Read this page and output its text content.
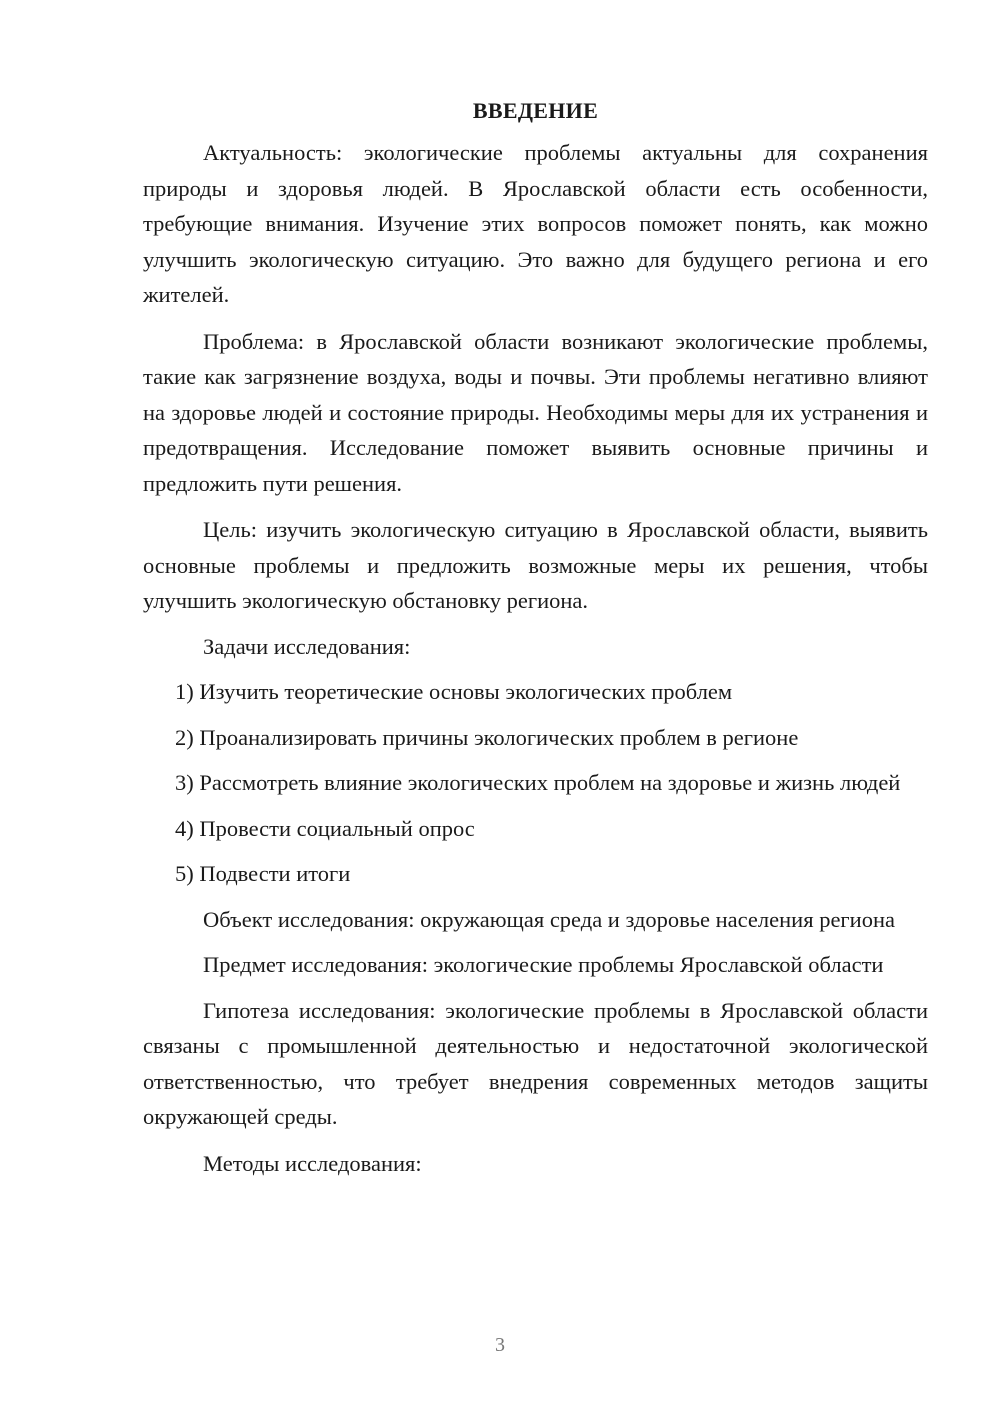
ВВЕДЕНИЕ

Актуальность: экологические проблемы актуальны для сохранения природы и здоровья людей. В Ярославской области есть особенности, требующие внимания. Изучение этих вопросов поможет понять, как можно улучшить экологическую ситуацию. Это важно для будущего региона и его жителей.

Проблема: в Ярославской области возникают экологические проблемы, такие как загрязнение воздуха, воды и почвы. Эти проблемы негативно влияют на здоровье людей и состояние природы. Необходимы меры для их устранения и предотвращения. Исследование поможет выявить основные причины и предложить пути решения.

Цель: изучить экологическую ситуацию в Ярославской области, выявить основные проблемы и предложить возможные меры их решения, чтобы улучшить экологическую обстановку региона.

Задачи исследования:

1) Изучить теоретические основы экологических проблем

2) Проанализировать причины экологических проблем в регионе

3) Рассмотреть влияние экологических проблем на здоровье и жизнь людей

4) Провести социальный опрос

5) Подвести итоги

Объект исследования: окружающая среда и здоровье населения региона

Предмет исследования: экологические проблемы Ярославской области

Гипотеза исследования: экологические проблемы в Ярославской области связаны с промышленной деятельностью и недостаточной экологической ответственностью, что требует внедрения современных методов защиты окружающей среды.

Методы исследования:

3
